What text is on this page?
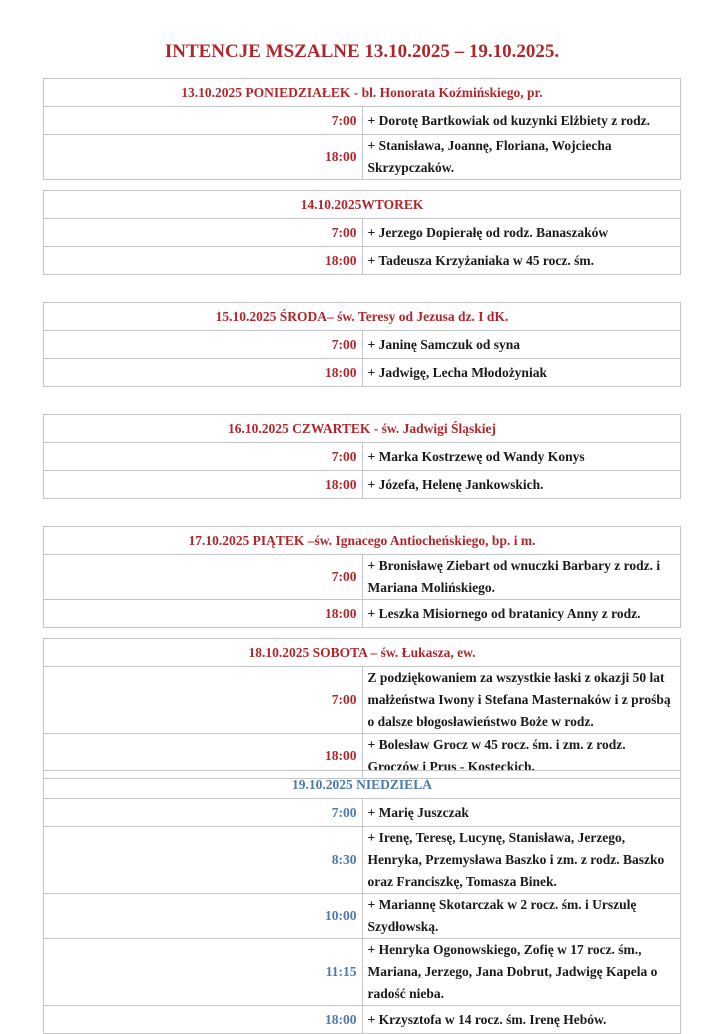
INTENCJE MSZALNE 13.10.2025 – 19.10.2025.
13.10.2025 PONIEDZIAŁEK - bl. Honorata Koźmińskiego, pr.	
7:00	+ Dorotę Bartkowiak od kuzynki Elżbiety z rodz.
18:00	+ Stanisława, Joannę, Floriana, Wojciecha Skrzypczaków.
14.10.2025WTOREK	
7:00	+ Jerzego Dopierałę od rodz. Banaszaków
18:00	+ Tadeusza Krzyżaniaka w 45 rocz. śm.
15.10.2025 ŚRODA– św. Teresy od Jezusa dz. I dK.	
7:00	+ Janinę Samczuk od syna
18:00	+ Jadwigę, Lecha Młodożyniak
16.10.2025 CZWARTEK - św. Jadwigi Śląskiej	
7:00	+ Marka Kostrzewę od Wandy Konys
18:00	+ Józefa, Helenę Jankowskich.
17.10.2025 PIĄTEK –św. Ignacego Antiocheńskiego, bp. i m.	
7:00	+ Bronisławę Ziebart od wnuczki Barbary z rodz. i Mariana Molińskiego.
18:00	+ Leszka Misiornego od bratanicy Anny z rodz.
18.10.2025 SOBOTA – św. Łukasza, ew.	
7:00	Z podziękowaniem za wszystkie łaski z okazji 50 lat małżeństwa Iwony i Stefana Masternaków i z prośbą o dalsze błogosławieństwo Boże w rodz.
18:00	+ Bolesław Grocz w 45 rocz. śm. i zm. z rodz. Groczów i Prus - Kosteckich.
19.10.2025 NIEDZIELA	
7:00	+ Marię Juszczak
8:30	+ Irenę, Teresę, Lucynę, Stanisława, Jerzego, Henryka, Przemysława Baszko i zm. z rodz. Baszko oraz Franciszkę, Tomasza Binek.
10:00	+ Mariannę Skotarczak w 2 rocz. śm. i Urszulę Szydłowską.
11:15	+ Henryka Ogonowskiego, Zofię w 17 rocz. śm., Mariana, Jerzego, Jana Dobrut, Jadwigę Kapela o radość nieba.
18:00	+ Krzysztofa w 14 rocz. śm. Irenę Hebów.
